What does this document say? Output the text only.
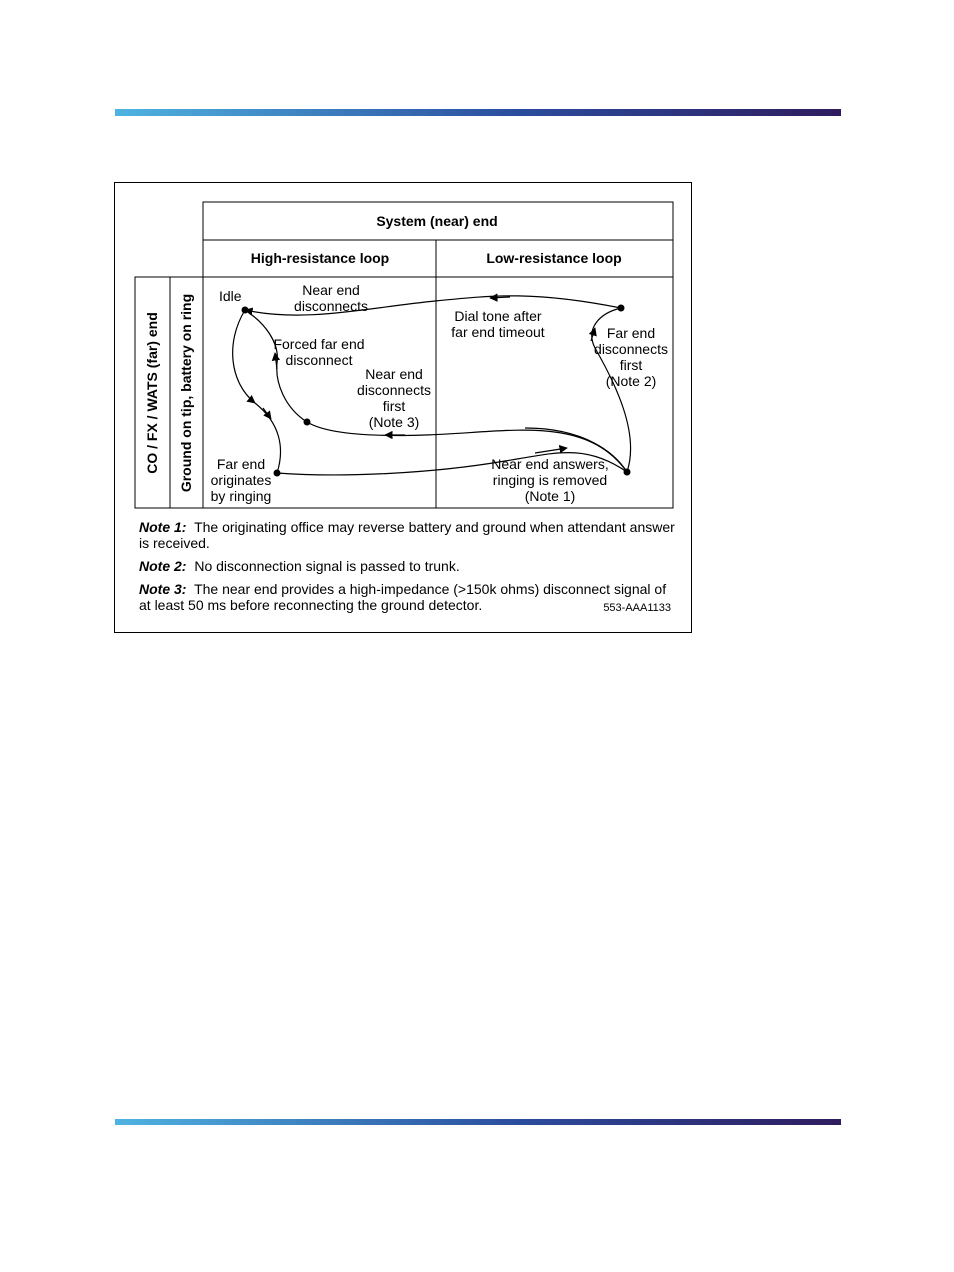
System (near) end
High-resistance loop	Low-resistance loop
CO / FX / WATS (far) end Ground on tip, battery on ring Idle	Near end
disconnects
Dial tone after
far end timeout
Forced far end
disconnect
Near end
disconnects
first
(Note 3)
Far end
disconnects
first
(Note 2)
Far end
originates
by ringing
Near end answers,
ringing is removed
(Note 1)
Note 1: The originating office may reverse battery and ground when attendant answer is received.
Note 2: No disconnection signal is passed to trunk.
Note 3: The near end provides a high-impedance (>150k ohms) disconnect signal of at least 50 ms before reconnecting the ground detector.	553-AAA1133
